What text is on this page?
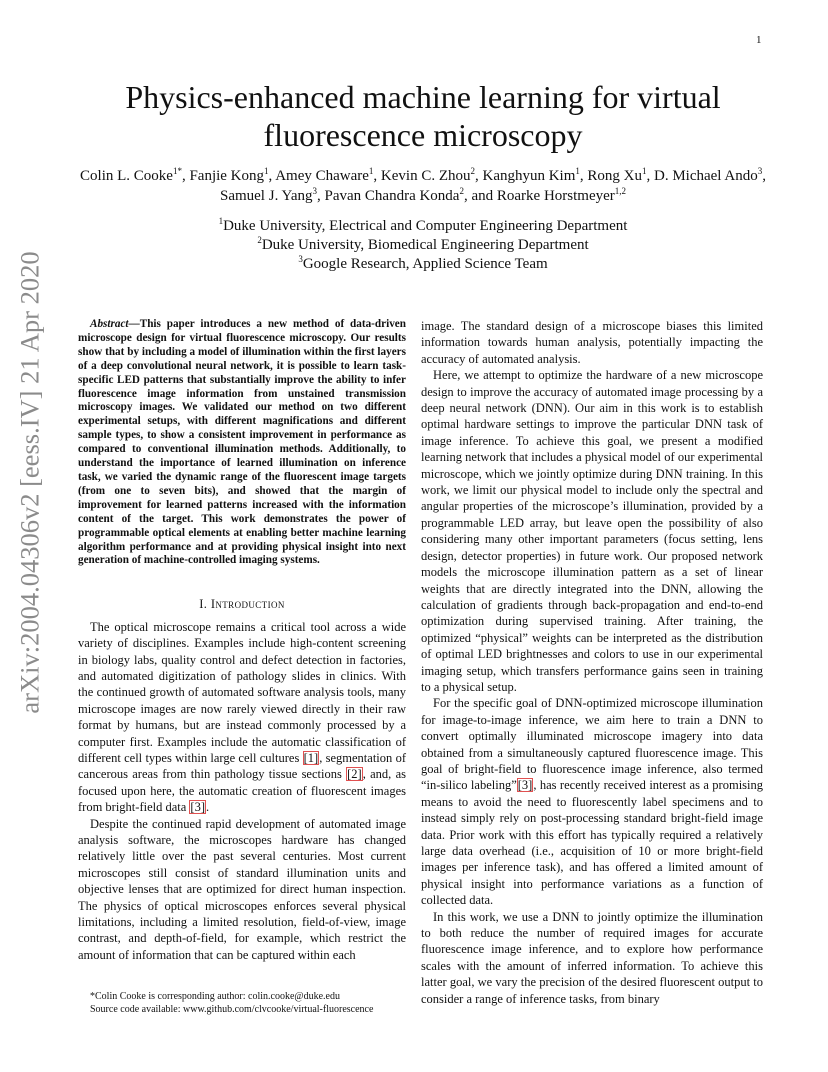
1
arXiv:2004.04306v2 [eess.IV] 21 Apr 2020
Physics-enhanced machine learning for virtual fluorescence microscopy

Colin L. Cooke$^{1*}$, Fanjie Kong$^1$, Amey Chaware$^1$, Kevin C. Zhou$^2$, Kanghyun Kim$^1$, Rong Xu$^1$, D. Michael Ando$^3$, Samuel J. Yang$^3$, Pavan Chandra Konda$^2$, and Roarke Horstmeyer$^{1,2}$

$^1$Duke University, Electrical and Computer Engineering Department
$^2$Duke University, Biomedical Engineering Department
$^3$Google Research, Applied Science Team

Abstract—This paper introduces a new method of data-driven microscope design for virtual fluorescence microscopy. Our results show that by including a model of illumination within the first layers of a deep convolutional neural network, it is possible to learn task-specific LED patterns that substantially improve the ability to infer fluorescence image information from unstained transmission microscopy images. We validated our method on two different experimental setups, with different magnifications and different sample types, to show a consistent improvement in performance as compared to conventional illumination methods. Additionally, to understand the importance of learned illumination on inference task, we varied the dynamic range of the fluorescent image targets (from one to seven bits), and showed that the margin of improvement for learned patterns increased with the information content of the target. This work demonstrates the power of programmable optical elements at enabling better machine learning algorithm performance and at providing physical insight into next generation of machine-controlled imaging systems.

I. Introduction

The optical microscope remains a critical tool across a wide variety of disciplines. Examples include high-content screening in biology labs, quality control and defect detection in factories, and automated digitization of pathology slides in clinics. With the continued growth of automated software analysis tools, many microscope images are now rarely viewed directly in their raw format by humans, but are instead commonly processed by a computer first. Examples include the automatic classification of different cell types within large cell cultures [1], segmentation of cancerous areas from thin pathology tissue sections [2], and, as focused upon here, the automatic creation of fluorescent images from bright-field data [3].

Despite the continued rapid development of automated image analysis software, the microscopes hardware has changed relatively little over the past several centuries. Most current microscopes still consist of standard illumination units and objective lenses that are optimized for direct human inspection. The physics of optical microscopes enforces several physical limitations, including a limited resolution, field-of-view, image contrast, and depth-of-field, for example, which restrict the amount of information that can be captured within each

*Colin Cooke is corresponding author: colin.cooke@duke.edu
Source code available: www.github.com/clvcooke/virtual-fluorescence

image. The standard design of a microscope biases this limited information towards human analysis, potentially impacting the accuracy of automated analysis.

Here, we attempt to optimize the hardware of a new microscope design to improve the accuracy of automated image processing by a deep neural network (DNN). Our aim in this work is to establish optimal hardware settings to improve the particular DNN task of image inference. To achieve this goal, we present a modified learning network that includes a physical model of our experimental microscope, which we jointly optimize during DNN training. In this work, we limit our physical model to include only the spectral and angular properties of the microscope’s illumination, provided by a programmable LED array, but leave open the possibility of also considering many other important parameters (focus setting, lens design, detector properties) in future work. Our proposed network models the microscope illumination pattern as a set of linear weights that are directly integrated into the DNN, allowing the calculation of gradients through back-propagation and end-to-end optimization during supervised training. After training, the optimized “physical” weights can be interpreted as the distribution of optimal LED brightnesses and colors to use in our experimental imaging setup, which transfers performance gains seen in training to a physical setup.

For the specific goal of DNN-optimized microscope illumination for image-to-image inference, we aim here to train a DNN to convert optimally illuminated microscope imagery into data obtained from a simultaneously captured fluorescence image. This goal of bright-field to fluorescence image inference, also termed “in-silico labeling”[3], has recently received interest as a promising means to avoid the need to fluorescently label specimens and to instead simply rely on post-processing standard bright-field image data. Prior work with this effort has typically required a relatively large data overhead (i.e., acquisition of 10 or more bright-field images per inference task), and has offered a limited amount of physical insight into performance variations as a function of collected data.

In this work, we use a DNN to jointly optimize the illumination to both reduce the number of required images for accurate fluorescence image inference, and to explore how performance scales with the amount of inferred information. To achieve this latter goal, we vary the precision of the desired fluorescent output to consider a range of inference tasks, from binary
